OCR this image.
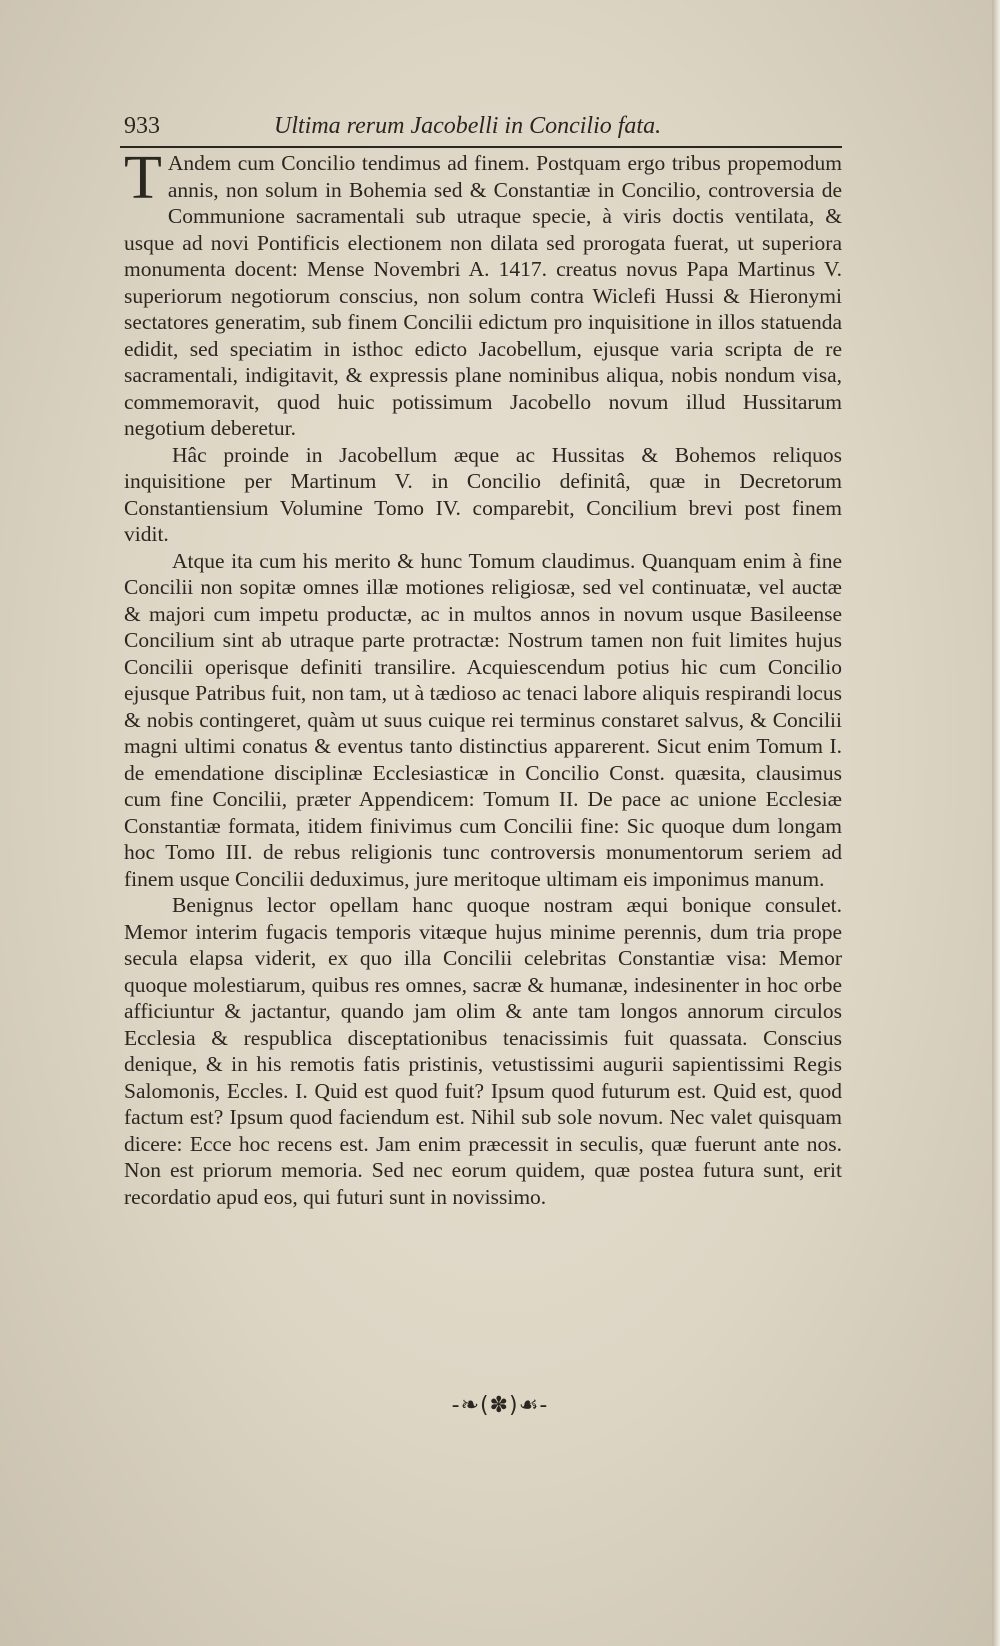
933	Ultima rerum Jacobelli in Concilio fata.

T Andem cum Concilio tendimus ad finem. Postquam ergo tribus propemodum annis, non solum in Bohemia sed & Constantiæ in Concilio, controversia de Communione sacramentali sub utraque specie, à viris doctis ventilata, & usque ad novi Pontificis electionem non dilata sed prorogata fuerat, ut superiora monumenta docent: Mense Novembri A. 1417. creatus novus Papa Martinus V. superiorum negotiorum conscius, non solum contra Wiclefi Hussi & Hieronymi sectatores generatim, sub finem Concilii edictum pro inquisitione in illos statuenda edidit, sed speciatim in isthoc edicto Jacobellum, ejusque varia scripta de re sacramentali, indigitavit, & expressis plane nominibus aliqua, nobis nondum visa, commemoravit, quod huic potissimum Jacobello novum illud Hussitarum negotium deberetur.

Hâc proinde in Jacobellum æque ac Hussitas & Bohemos reliquos inquisitione per Martinum V. in Concilio definitâ, quæ in Decretorum Constantiensium Volumine Tomo IV. comparebit, Concilium brevi post finem vidit.

Atque ita cum his merito & hunc Tomum claudimus. Quanquam enim à fine Concilii non sopitæ omnes illæ motiones religiosæ, sed vel continuatæ, vel auctæ & majori cum impetu productæ, ac in multos annos in novum usque Basileense Concilium sint ab utraque parte protractæ: Nostrum tamen non fuit limites hujus Concilii operisque definiti transilire. Acquiescendum potius hic cum Concilio ejusque Patribus fuit, non tam, ut à tædioso ac tenaci labore aliquis respirandi locus & nobis contingeret, quàm ut suus cuique rei terminus constaret salvus, & Concilii magni ultimi conatus & eventus tanto distinctius apparerent. Sicut enim Tomum I. de emendatione disciplinæ Ecclesiasticæ in Concilio Const. quæsita, clausimus cum fine Concilii, præter Appendicem: Tomum II. De pace ac unione Ecclesiæ Constantiæ formata, itidem finivimus cum Concilii fine: Sic quoque dum longam hoc Tomo III. de rebus religionis tunc controversis monumentorum seriem ad finem usque Concilii deduximus, jure meritoque ultimam eis imponimus manum.

Benignus lector opellam hanc quoque nostram æqui bonique consulet. Memor interim fugacis temporis vitæque hujus minime perennis, dum tria prope secula elapsa viderit, ex quo illa Concilii celebritas Constantiæ visa: Memor quoque molestiarum, quibus res omnes, sacræ & humanæ, indesinenter in hoc orbe afficiuntur & jactantur, quando jam olim & ante tam longos annorum circulos Ecclesia & respublica disceptationibus tenacissimis fuit quassata. Conscius denique, & in his remotis fatis pristinis, vetustissimi augurii sapientissimi Regis Salomonis, Eccles. I. Quid est quod fuit? Ipsum quod futurum est. Quid est, quod factum est? Ipsum quod faciendum est. Nihil sub sole novum. Nec valet quisquam dicere: Ecce hoc recens est. Jam enim præcessit in seculis, quæ fuerunt ante nos. Non est priorum memoria. Sed nec eorum quidem, quæ postea futura sunt, erit recordatio apud eos, qui futuri sunt in novissimo.

-❧(✽)☙-
